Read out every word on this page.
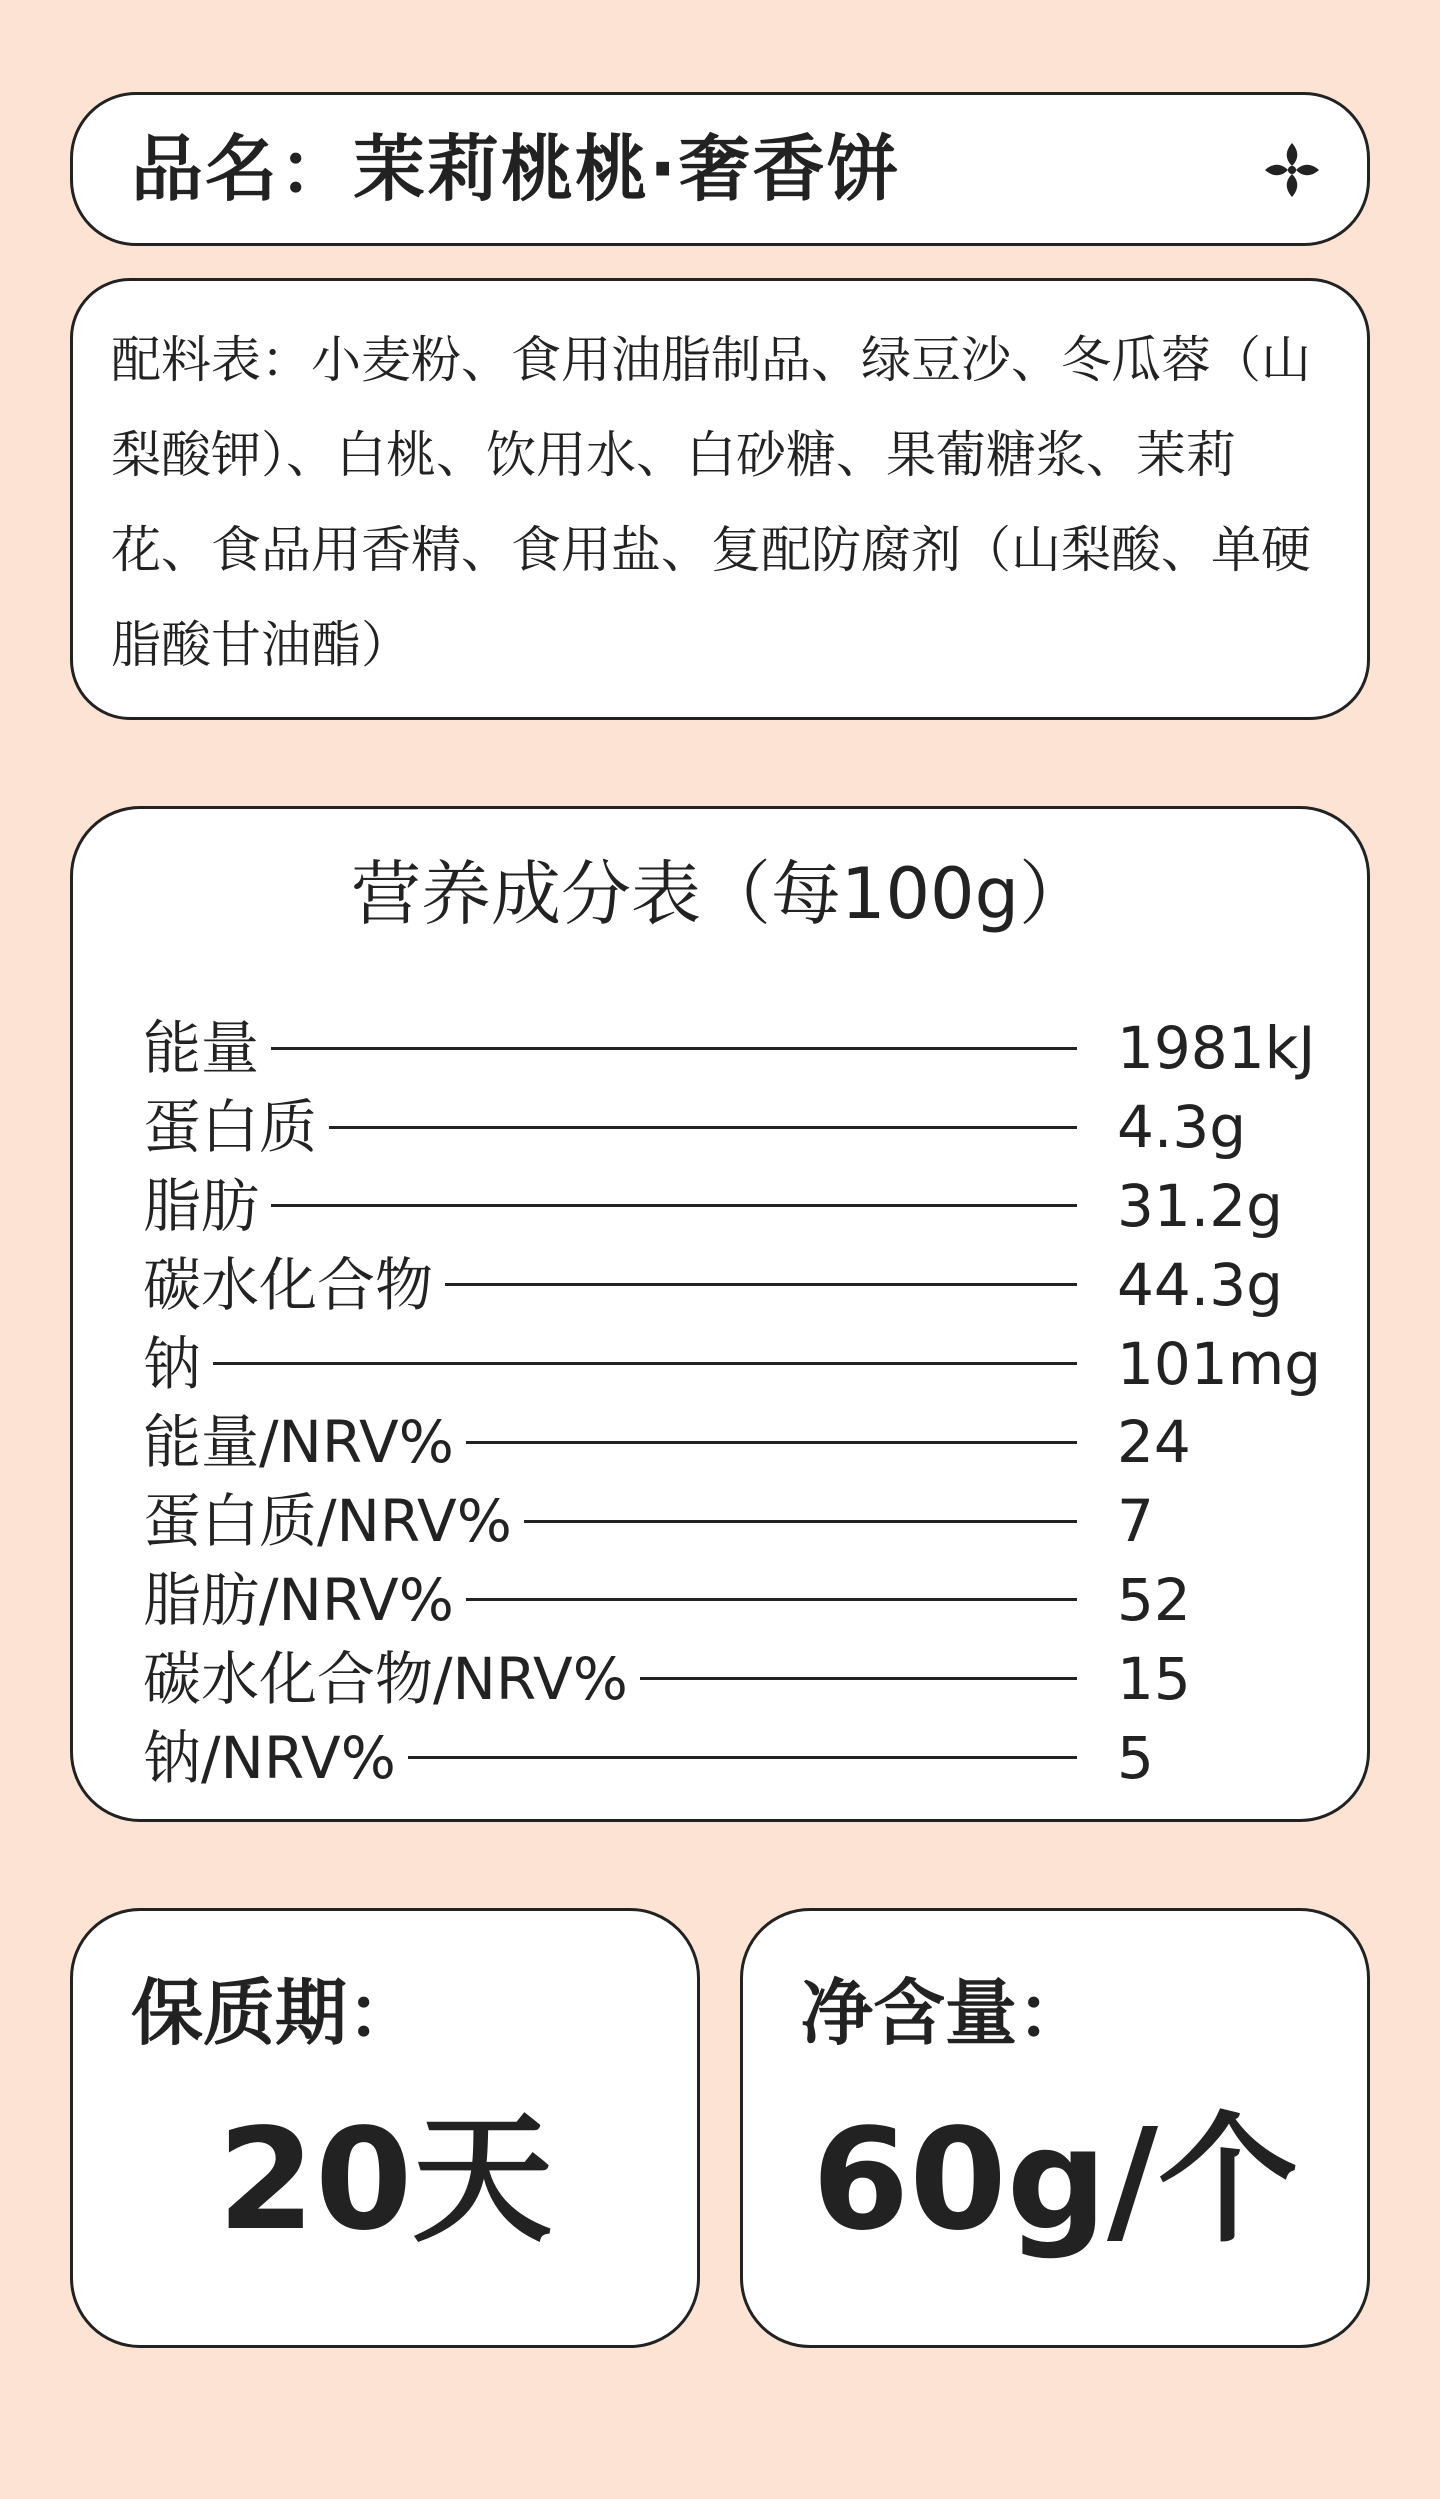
品名：茉莉桃桃·奢香饼

配料表：小麦粉、食用油脂制品、绿豆沙、冬瓜蓉（山梨酸钾）、白桃、饮用水、白砂糖、果葡糖浆、茉莉花、食品用香精、食用盐、复配防腐剂（山梨酸、单硬脂酸甘油酯）

营养成分表（每100g）
能量	1981kJ
蛋白质	4.3g
脂肪	31.2g
碳水化合物	44.3g
钠	101mg
能量/NRV%	24
蛋白质/NRV%	7
脂肪/NRV%	52
碳水化合物/NRV%	15
钠/NRV%	5
保质期：
20天
净含量：
60g/个
